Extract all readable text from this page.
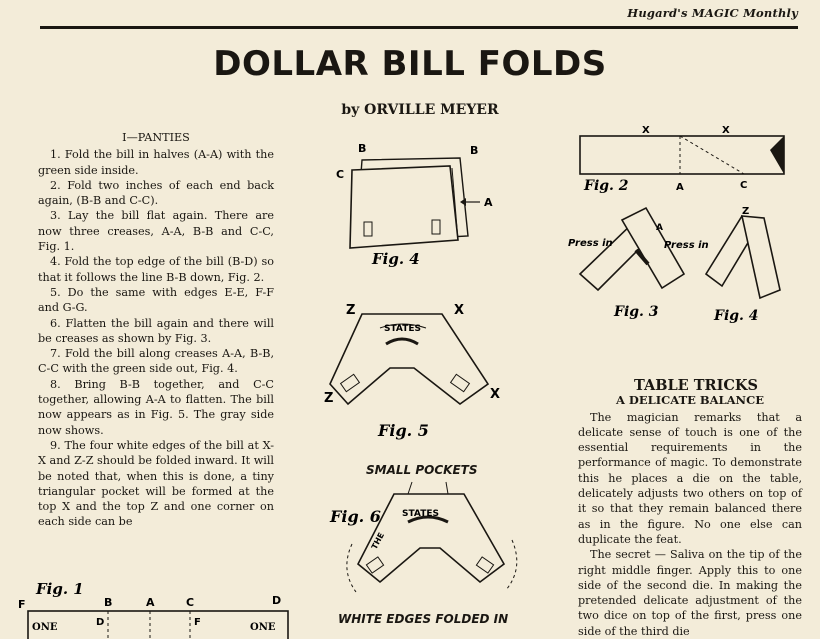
Hugard's MAGIC Monthly
DOLLAR BILL FOLDS
by ORVILLE MEYER

I—PANTIES

1. Fold the bill in halves (A-A) with the green side inside.

2. Fold two inches of each end back again, (B-B and C-C).

3. Lay the bill flat again. There are now three creases, A-A, B-B and C-C, Fig. 1.

4. Fold the top edge of the bill (B-D) so that it follows the line B-B down, Fig. 2.

5. Do the same with edges E-E, F-F and G-G.

6. Flatten the bill again and there will be creases as shown by Fig. 3.

7. Fold the bill along creases A-A, B-B, C-C with the green side out, Fig. 4.

8. Bring B-B together, and C-C together, allowing A-A to flatten. The bill now appears as in Fig. 5. The gray side now shows.

9. The four white edges of the bill at X-X and Z-Z should be folded inward. It will be noted that, when this is done, a tiny triangular pocket will be formed at the top X and the top Z and one corner on each side can be

Fig. 1
F	B	A	C	D
ONE	D	F	ONE
B	B
C
A
Fig. 4
Z	X
Z	X
STATES
Fig. 5
SMALL POCKETS
Fig. 6 STATES
THE
WHITE EDGES FOLDED IN
X	X
Fig. 2	A	C
Press in	Press in
A
Fig. 3
Z
Fig. 4

TABLE TRICKS

A DELICATE BALANCE

The magician remarks that a delicate sense of touch is one of the essential requirements in the performance of magic. To demonstrate this he places a die on the table, delicately adjusts two others on top of it so that they remain balanced there as in the figure. No one else can duplicate the feat.

The secret — Saliva on the tip of the right middle finger. Apply this to one side of the second die. In making the pretended delicate adjustment of the two dice on top of the first, press one side of the third die
